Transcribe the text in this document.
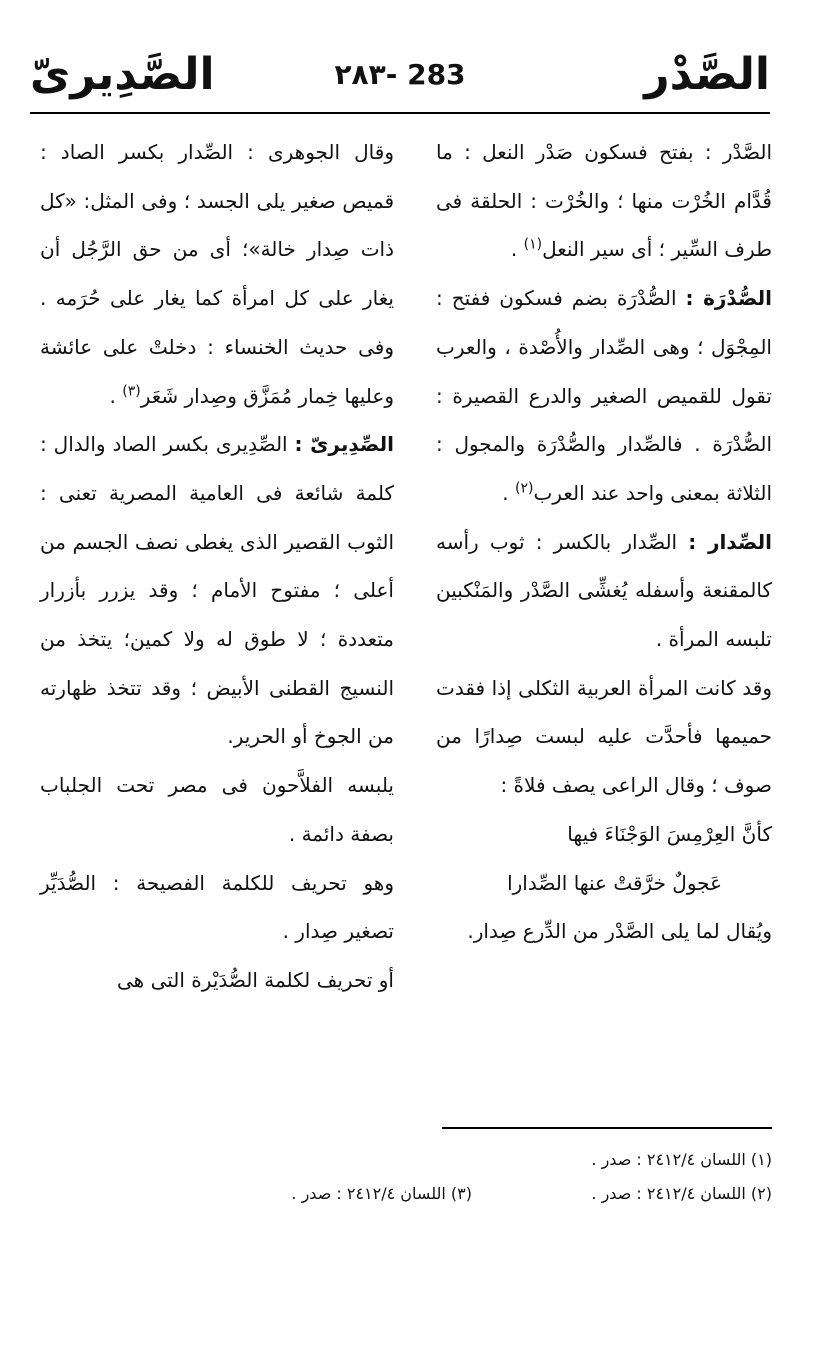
الصَّدْر
283 -٢٨٣
الصَّدِيرىّ

الصَّدْر : بفتح فسكون صَدْر النعل : ما قُدَّام الخُرْت منها ؛ والخُرْت : الحلقة فى طرف السِّير ؛ أى سير النعل$^{(١)}$ .

الصُّدْرَة : الصُّدْرَة بضم فسكون ففتح : المِجْوَل ؛ وهى الصِّدار والأُصْدة ، والعرب تقول للقميص الصغير والدرع القصيرة : الصُّدْرَة . فالصِّدار والصُّدْرَة والمجول : الثلاثة بمعنى واحد عند العرب$^{(٢)}$ .

الصِّدار : الصِّدار بالكسر : ثوب رأسه كالمقنعة وأسفله يُغشِّى الصَّدْر والمَنْكبين تلبسه المرأة .

وقد كانت المرأة العربية الثكلى إذا فقدت حميمها فأحدَّت عليه لبست صِدارًا من صوف ؛ وقال الراعى يصف فلاةً :

كأنَّ العِرْمِسَ الوَجْنَاءَ فيها

عَجولٌ خرَّقتْ عنها الصِّدارا

ويُقال لما يلى الصَّدْر من الدِّرع صِدار.

وقال الجوهرى : الصِّدار بكسر الصاد : قميص صغير يلى الجسد ؛ وفى المثل: «كل ذات صِدار خالة»؛ أى من حق الرَّجُل أن يغار على كل امرأة كما يغار على حُرَمه . وفى حديث الخنساء : دخلتْ على عائشة وعليها خِمار مُمَزَّق وصِدار شَعَر$^{(٣)}$ .

الصِّدِيرىّ : الصِّدِيرى بكسر الصاد والدال : كلمة شائعة فى العامية المصرية تعنى : الثوب القصير الذى يغطى نصف الجسم من أعلى ؛ مفتوح الأمام ؛ وقد يزرر بأزرار متعددة ؛ لا طوق له ولا كمين؛ يتخذ من النسيج القطنى الأبيض ؛ وقد تتخذ ظهارته من الجوخ أو الحرير.

يلبسه الفلاَّحون فى مصر تحت الجلباب بصفة دائمة .

وهو تحريف للكلمة الفصيحة : الصُّدَيِّر تصغير صِدار .

أو تحريف لكلمة الصُّدَيْرة التى هى

(١) اللسان ٢٤١٢/٤ : صدر .
(٢) اللسان ٢٤١٢/٤ : صدر .
(٣) اللسان ٢٤١٢/٤ : صدر .
